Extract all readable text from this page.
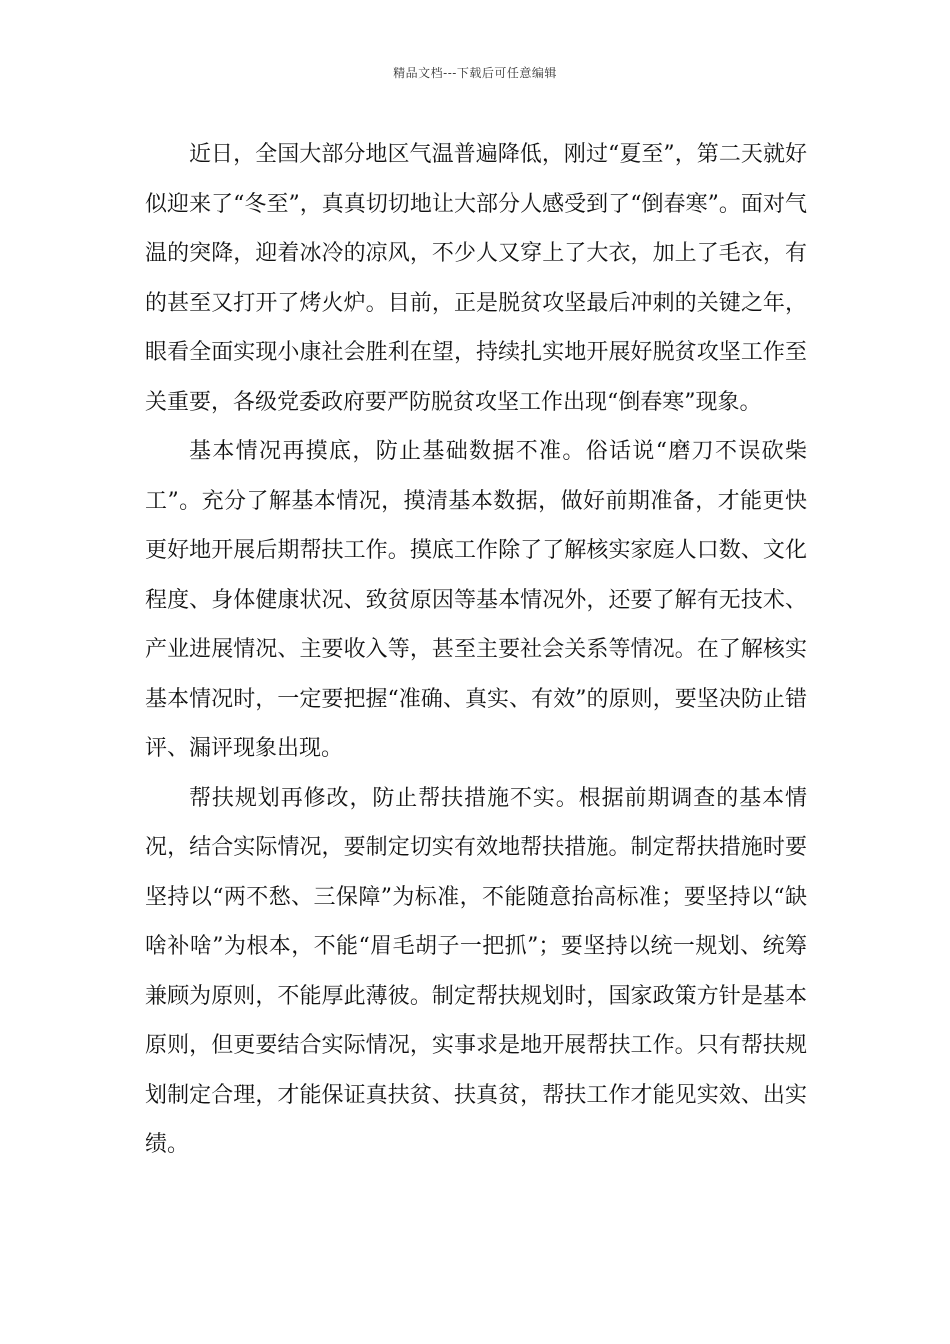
精品文档---下载后可任意编辑

近日，全国大部分地区气温普遍降低，刚过“夏至”，第二天就好似迎来了“冬至”，真真切切地让大部分人感受到了“倒春寒”。面对气温的突降，迎着冰冷的凉风，不少人又穿上了大衣，加上了毛衣，有的甚至又打开了烤火炉。目前，正是脱贫攻坚最后冲刺的关键之年，眼看全面实现小康社会胜利在望，持续扎实地开展好脱贫攻坚工作至关重要，各级党委政府要严防脱贫攻坚工作出现“倒春寒”现象。

基本情况再摸底，防止基础数据不准。俗话说“磨刀不误砍柴工”。充分了解基本情况，摸清基本数据，做好前期准备，才能更快更好地开展后期帮扶工作。摸底工作除了了解核实家庭人口数、文化程度、身体健康状况、致贫原因等基本情况外，还要了解有无技术、产业进展情况、主要收入等，甚至主要社会关系等情况。在了解核实基本情况时，一定要把握“准确、真实、有效”的原则，要坚决防止错评、漏评现象出现。

帮扶规划再修改，防止帮扶措施不实。根据前期调查的基本情况，结合实际情况，要制定切实有效地帮扶措施。制定帮扶措施时要坚持以“两不愁、三保障”为标准，不能随意抬高标准；要坚持以“缺啥补啥”为根本，不能“眉毛胡子一把抓”；要坚持以统一规划、统筹兼顾为原则，不能厚此薄彼。制定帮扶规划时，国家政策方针是基本原则，但更要结合实际情况，实事求是地开展帮扶工作。只有帮扶规划制定合理，才能保证真扶贫、扶真贫，帮扶工作才能见实效、出实绩。
